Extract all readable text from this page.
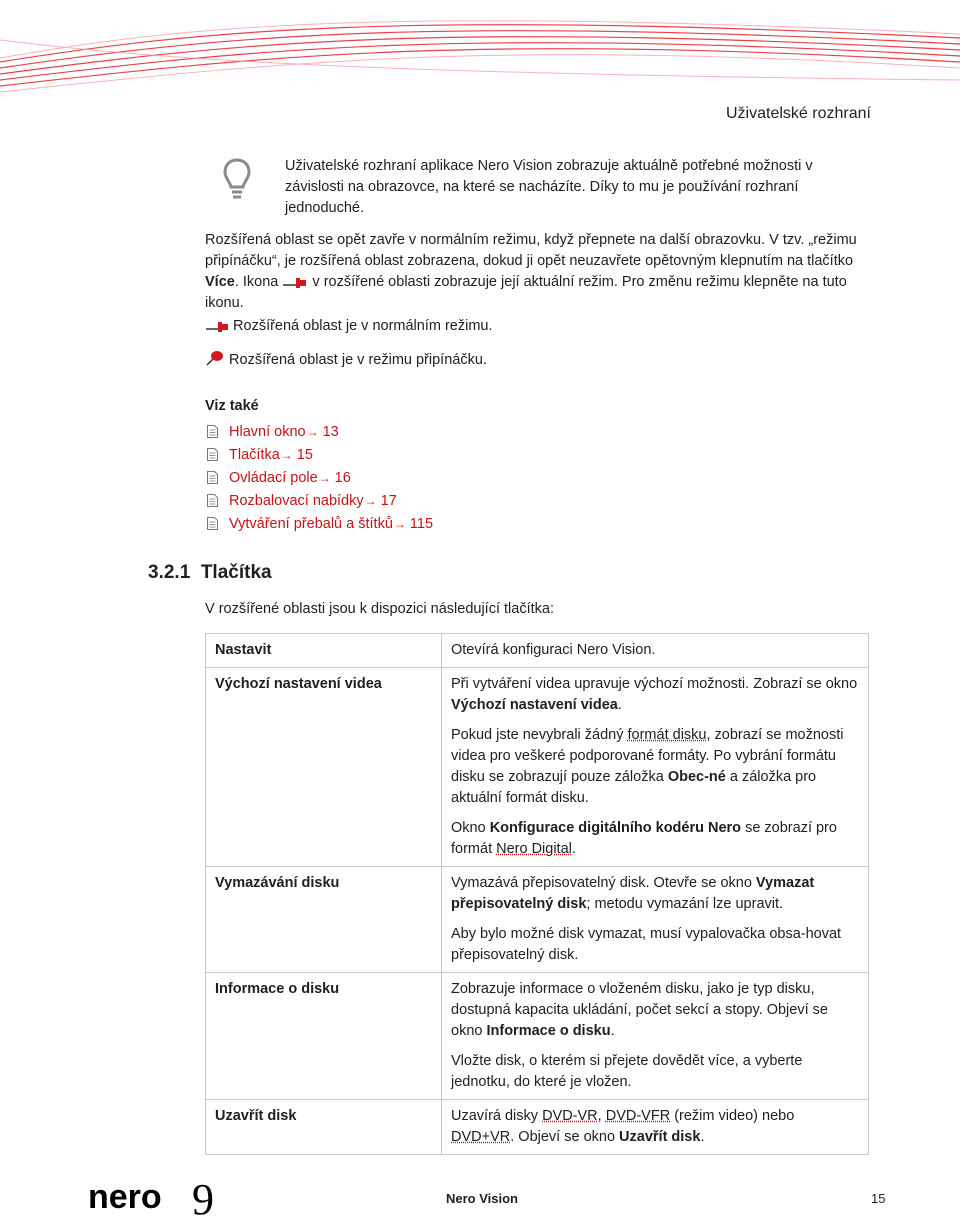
Uživatelské rozhraní
Uživatelské rozhraní aplikace Nero Vision zobrazuje aktuálně potřebné možnosti v závislosti na obrazovce, na které se nacházíte. Díky to mu je používání rozhraní jednoduché.
Rozšířená oblast se opět zavře v normálním režimu, když přepnete na další obrazovku. V tzv. „režimu připínáčku“, je rozšířená oblast zobrazena, dokud ji opět neuzavřete opětovným klepnutím na tlačítko Více. Ikona  v rozšířené oblasti zobrazuje její aktuální režim. Pro změnu režimu klepněte na tuto ikonu.
Rozšířená oblast je v normálním režimu.
Rozšířená oblast je v režimu připínáčku.
Viz také
Hlavní okno → 13
Tlačítka → 15
Ovládací pole → 16
Rozbalovací nabídky → 17
Vytváření přebalů a štítků → 115
3.2.1 Tlačítka
V rozšířené oblasti jsou k dispozici následující tlačítka:
Nastavit	Otevírá konfiguraci Nero Vision.

Výchozí nastavení videa	Při vytváření videa upravuje výchozí možnosti. Zobrazí se okno Výchozí nastavení videa.

Pokud jste nevybrali žádný formát disku, zobrazí se možnosti videa pro veškeré podporované formáty. Po vybrání formátu disku se zobrazují pouze záložka Obec-né a záložka pro aktuální formát disku.

Okno Konfigurace digitálního kodéru Nero se zobrazí pro formát Nero Digital.

Vymazávání disku	Vymazává přepisovatelný disk. Otevře se okno Vymazat přepisovatelný disk; metodu vymazání lze upravit.

Aby bylo možné disk vymazat, musí vypalovačka obsa-hovat přepisovatelný disk.

Informace o disku	Zobrazuje informace o vloženém disku, jako je typ disku, dostupná kapacita ukládání, počet sekcí a stopy. Objeví se okno Informace o disku.

Vložte disk, o kterém si přejete dovědět více, a vyberte jednotku, do které je vložen.

Uzavřít disk	Uzavírá disky DVD-VR, DVD-VFR (režim video) nebo DVD+VR. Objeví se okno Uzavřít disk.

nero 9	Nero Vision	15
